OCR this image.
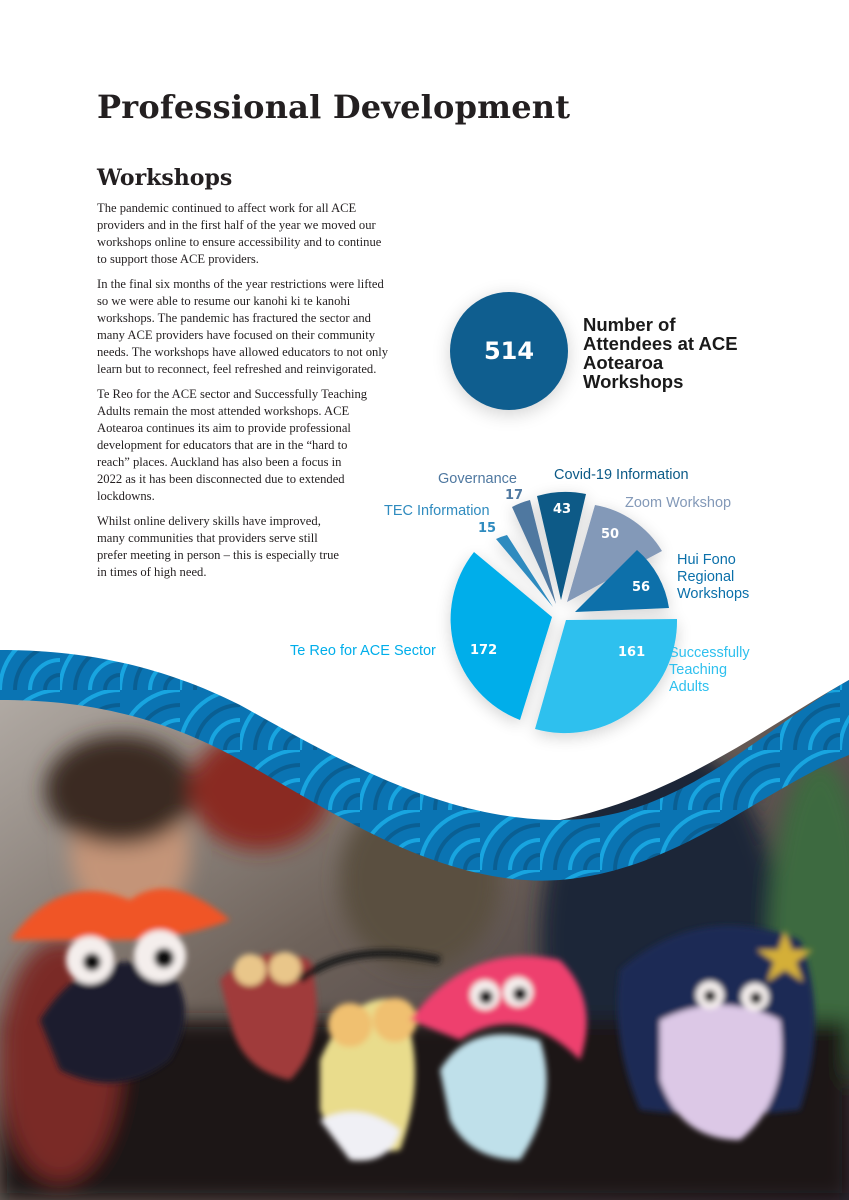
Professional Development
Workshops

The pandemic continued to affect work for all ACE providers and in the first half of the year we moved our workshops online to ensure accessibility and to continue to support those ACE providers.

In the final six months of the year restrictions were lifted so we were able to resume our kanohi ki te kanohi workshops. The pandemic has fractured the sector and many ACE providers have focused on their community needs. The workshops have allowed educators to not only learn but to reconnect, feel refreshed and reinvigorated.

Te Reo for the ACE sector and Successfully Teaching Adults remain the most attended workshops. ACE Aotearoa continues its aim to provide professional development for educators that are in the “hard to reach” places. Auckland has also been a focus in 2022 as it has been disconnected due to extended lockdowns.

Whilst online delivery skills have improved, many communities that providers serve still prefer meeting in person – this is especially true in times of high need.

514
Number of Attendees at ACE Aotearoa Workshops
172	161
56
50
43
17
15
Governance	Covid-19 Information
Zoom Workshop
TEC Information
Hui Fono Regional Workshops
Te Reo for ACE Sector	Successfully Teaching Adults
